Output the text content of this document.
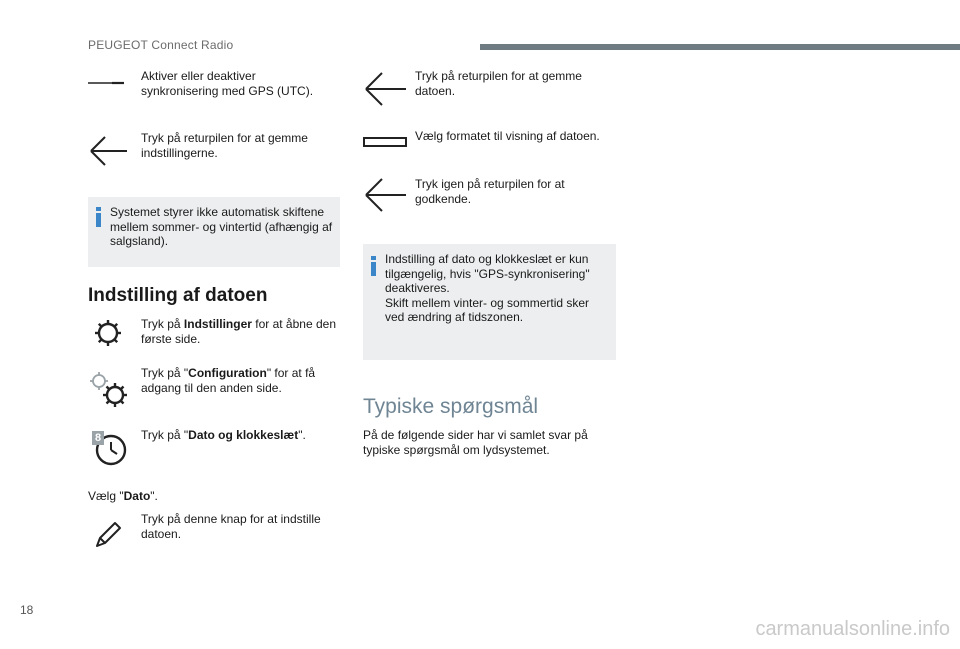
PEUGEOT Connect Radio
Aktiver eller deaktiver synkronisering med GPS (UTC).
Tryk på returpilen for at gemme indstillingerne.
Systemet styrer ikke automatisk skiftene mellem sommer- og vintertid (afhængig af salgsland).
Indstilling af datoen
Tryk på Indstillinger for at åbne den første side.
Tryk på "Configuration" for at få adgang til den anden side.
8	Tryk på "Dato og klokkeslæt".
Vælg "Dato".
Tryk på denne knap for at indstille datoen.
Tryk på returpilen for at gemme datoen.
Vælg formatet til visning af datoen.
Tryk igen på returpilen for at godkende.
Indstilling af dato og klokkeslæt er kun
tilgængelig, hvis "GPS-synkronisering"
deaktiveres.
Skift mellem vinter- og sommertid sker
ved ændring af tidszonen.
Typiske spørgsmål
På de følgende sider har vi samlet svar på typiske spørgsmål om lydsystemet.
18
carmanualsonline.info
